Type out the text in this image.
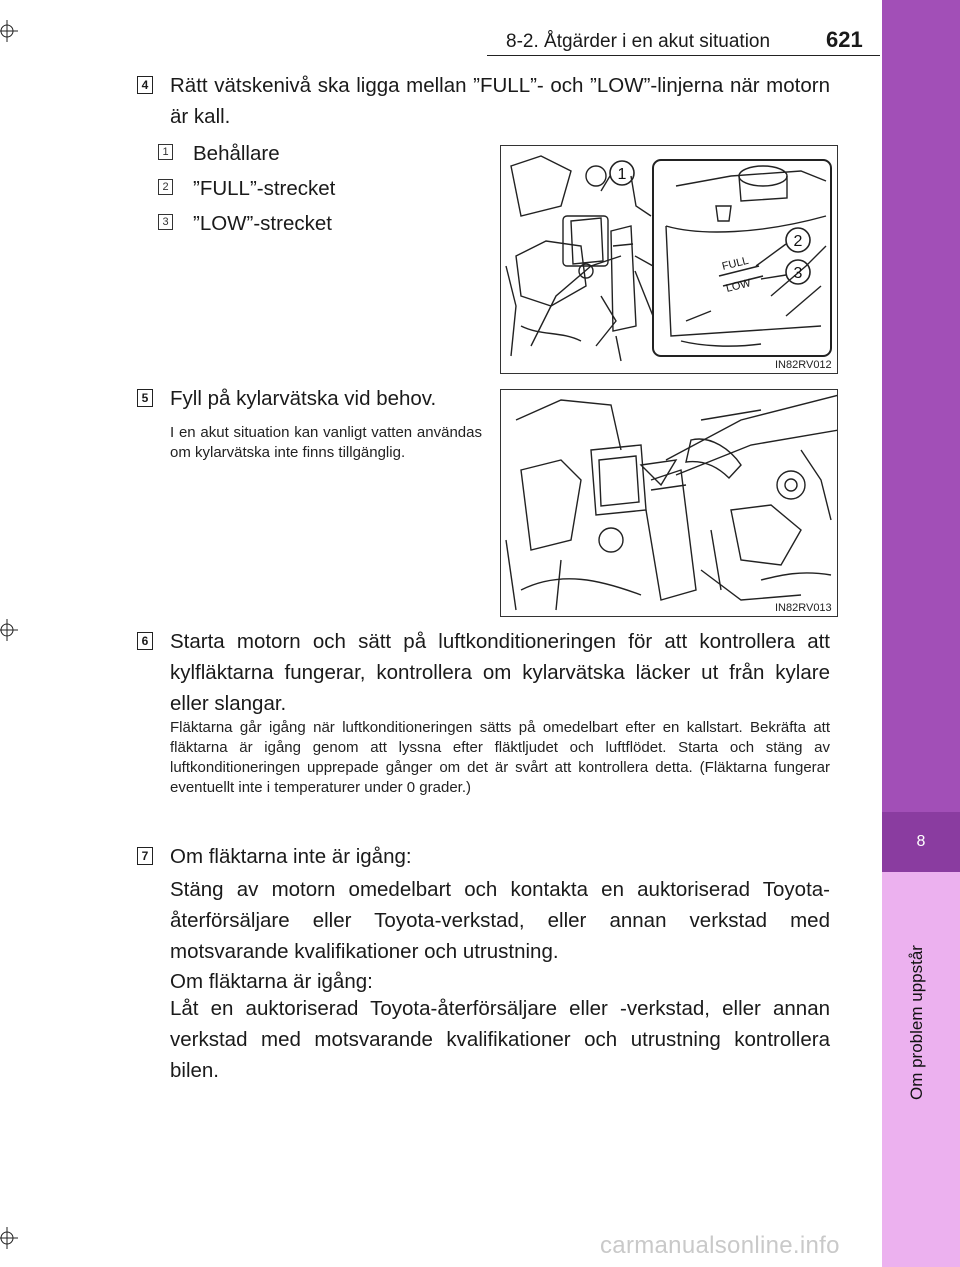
8-2. Åtgärder i en akut situation	621
8
Om problem uppstår
4 Rätt vätskenivå ska ligga mellan ”FULL”- och ”LOW”-linjerna när motorn är kall.
1 Behållare
2 ”FULL”-strecket
3 ”LOW”-strecket
1
2
3
FULL
LOW
IN82RV012
5 Fyll på kylarvätska vid behov.
I en akut situation kan vanligt vatten användas om kylarvätska inte finns tillgänglig.
IN82RV013
6 Starta motorn och sätt på luftkonditioneringen för att kontrollera att kylfläktarna fungerar, kontrollera om kylarvätska läcker ut från kylare eller slangar.
Fläktarna går igång när luftkonditioneringen sätts på omedelbart efter en kallstart. Bekräfta att fläktarna är igång genom att lyssna efter fläktljudet och luftflödet. Starta och stäng av luftkonditioneringen upprepade gånger om det är svårt att kontrollera detta. (Fläktarna fungerar eventuellt inte i temperaturer under 0 grader.)
7 Om fläktarna inte är igång:
Stäng av motorn omedelbart och kontakta en auktoriserad Toyota-återförsäljare eller Toyota-verkstad, eller annan verkstad med motsvarande kvalifikationer och utrustning.
Om fläktarna är igång:
Låt en auktoriserad Toyota-återförsäljare eller -verkstad, eller annan verkstad med motsvarande kvalifikationer och utrustning kontrollera bilen.
carmanualsonline.info
